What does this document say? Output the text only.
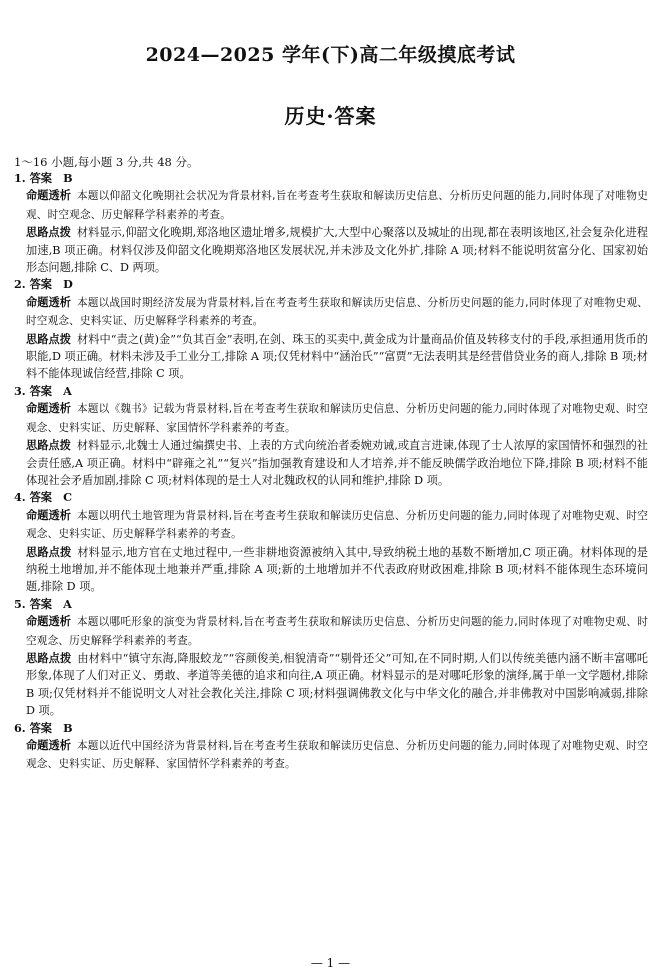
2024—2025 学年(下)高二年级摸底考试
历史·答案
1～16 小题,每小题 3 分,共 48 分。
1. 答案　B

命题透析 本题以仰韶文化晚期社会状况为背景材料,旨在考查考生获取和解读历史信息、分析历史问题的能力,同时体现了对唯物史观、时空观念、历史解释学科素养的考查。

思路点拨 材料显示,仰韶文化晚期,郑洛地区遗址增多,规模扩大,大型中心聚落以及城址的出现,都在表明该地区,社会复杂化进程加速,B 项正确。材料仅涉及仰韶文化晚期郑洛地区发展状况,并未涉及文化外扩,排除 A 项;材料不能说明贫富分化、国家初始形态问题,排除 C、D 两项。

2. 答案　D

命题透析 本题以战国时期经济发展为背景材料,旨在考查考生获取和解读历史信息、分析历史问题的能力,同时体现了对唯物史观、时空观念、史料实证、历史解释学科素养的考查。

思路点拨 材料中“责之(黄)金”“负其百金”表明,在剑、珠玉的买卖中,黄金成为计量商品价值及转移支付的手段,承担通用货币的职能,D 项正确。材料未涉及手工业分工,排除 A 项;仅凭材料中“涵治氏”“富贾”无法表明其是经营借贷业务的商人,排除 B 项;材料不能体现诚信经营,排除 C 项。

3. 答案　A

命题透析 本题以《魏书》记载为背景材料,旨在考查考生获取和解读历史信息、分析历史问题的能力,同时体现了对唯物史观、时空观念、史料实证、历史解释、家国情怀学科素养的考查。

思路点拨 材料显示,北魏士人通过编撰史书、上表的方式向统治者委婉劝诫,或直言进谏,体现了士人浓厚的家国情怀和强烈的社会责任感,A 项正确。材料中“辟雍之礼”“复兴”指加强教育建设和人才培养,并不能反映儒学政治地位下降,排除 B 项;材料不能体现社会矛盾加剧,排除 C 项;材料体现的是士人对北魏政权的认同和维护,排除 D 项。

4. 答案　C

命题透析 本题以明代土地管理为背景材料,旨在考查考生获取和解读历史信息、分析历史问题的能力,同时体现了对唯物史观、时空观念、史料实证、历史解释学科素养的考查。

思路点拨 材料显示,地方官在丈地过程中,一些非耕地资源被纳入其中,导致纳税土地的基数不断增加,C 项正确。材料体现的是纳税土地增加,并不能体现土地兼并严重,排除 A 项;新的土地增加并不代表政府财政困难,排除 B 项;材料不能体现生态环境问题,排除 D 项。

5. 答案　A

命题透析 本题以哪吒形象的演变为背景材料,旨在考查考生获取和解读历史信息、分析历史问题的能力,同时体现了对唯物史观、时空观念、历史解释学科素养的考查。

思路点拨 由材料中“镇守东海,降服蛟龙”“容颜俊美,相貌清奇”“剔骨还父”可知,在不同时期,人们以传统美德内涵不断丰富哪吒形象,体现了人们对正义、勇敢、孝道等美德的追求和向往,A 项正确。材料显示的是对哪吒形象的演绎,属于单一文学题材,排除 B 项;仅凭材料并不能说明文人对社会教化关注,排除 C 项;材料强调佛教文化与中华文化的融合,并非佛教对中国影响减弱,排除 D 项。

6. 答案　B

命题透析 本题以近代中国经济为背景材料,旨在考查考生获取和解读历史信息、分析历史问题的能力,同时体现了对唯物史观、时空观念、史料实证、历史解释、家国情怀学科素养的考查。

— 1 —
